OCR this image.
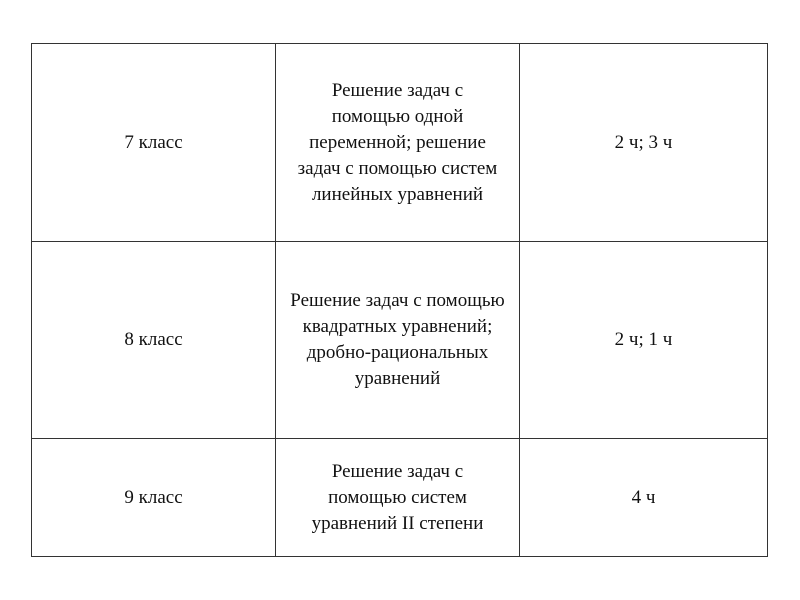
7 класс	Решение задач с помощью одной переменной; решение задач с помощью систем линейных уравнений	2 ч; 3 ч
8 класс	Решение задач с помощью квадратных уравнений; дробно-рациональных уравнений	2 ч; 1 ч
9 класс	Решение задач с помощью систем уравнений II степени	4 ч
